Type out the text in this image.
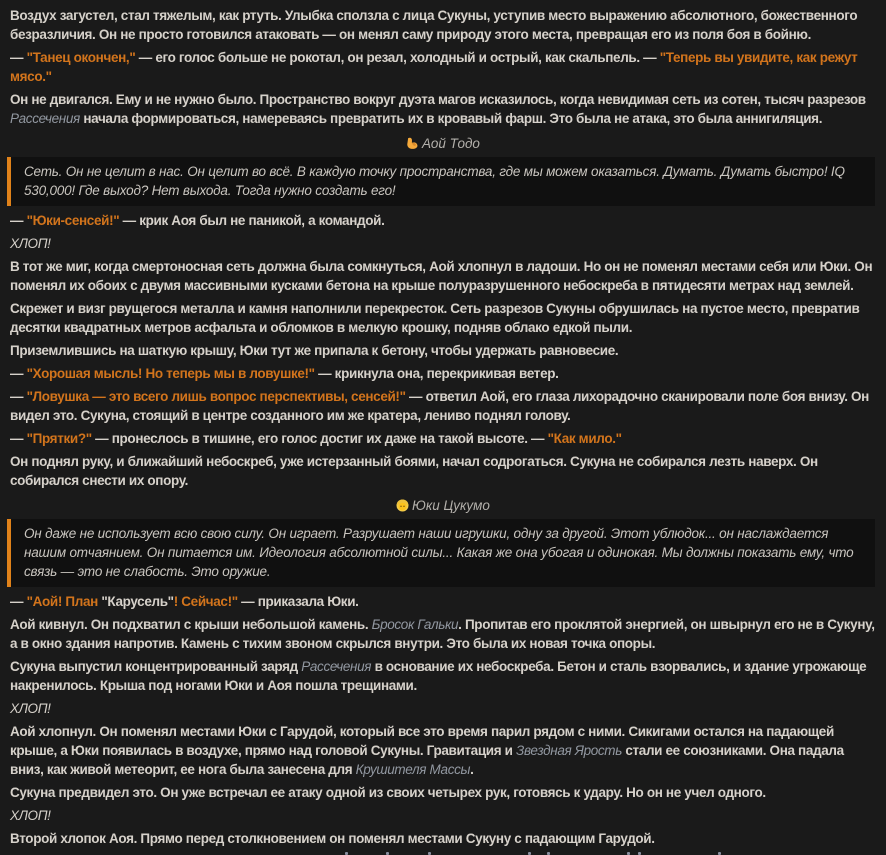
Воздух загустел, стал тяжелым, как ртуть. Улыбка сползла с лица Сукуны, уступив место выражению абсолютного, божественного безразличия. Он не просто готовился атаковать — он менял саму природу этого места, превращая его из поля боя в бойню.

— "Танец окончен," — его голос больше не рокотал, он резал, холодный и острый, как скальпель. — "Теперь вы увидите, как режут мясо."

Он не двигался. Ему и не нужно было. Пространство вокруг дуэта магов исказилось, когда невидимая сеть из сотен, тысяч разрезов Рассечения начала формироваться, намереваясь превратить их в кровавый фарш. Это была не атака, это была аннигиляция.

Аой Тодо
Сеть. Он не целит в нас. Он целит во всё. В каждую точку пространства, где мы можем оказаться. Думать. Думать быстро! IQ 530,000! Где выход? Нет выхода. Тогда нужно создать его!

— "Юки-сенсей!" — крик Аоя был не паникой, а командой.

ХЛОП!

В тот же миг, когда смертоносная сеть должна была сомкнуться, Аой хлопнул в ладоши. Но он не поменял местами себя или Юки. Он поменял их обоих с двумя массивными кусками бетона на крыше полуразрушенного небоскреба в пятидесяти метрах над землей.

Скрежет и визг рвущегося металла и камня наполнили перекресток. Сеть разрезов Сукуны обрушилась на пустое место, превратив десятки квадратных метров асфальта и обломков в мелкую крошку, подняв облако едкой пыли.

Приземлившись на шаткую крышу, Юки тут же припала к бетону, чтобы удержать равновесие.

— "Хорошая мысль! Но теперь мы в ловушке!" — крикнула она, перекрикивая ветер.

— "Ловушка — это всего лишь вопрос перспективы, сенсей!" — ответил Аой, его глаза лихорадочно сканировали поле боя внизу. Он видел это. Сукуна, стоящий в центре созданного им же кратера, лениво поднял голову.

— "Прятки?" — пронеслось в тишине, его голос достиг их даже на такой высоте. — "Как мило."

Он поднял руку, и ближайший небоскреб, уже истерзанный боями, начал содрогаться. Сукуна не собирался лезть наверх. Он собирался снести их опору.

Юки Цукумо
Он даже не использует всю свою силу. Он играет. Разрушает наши игрушки, одну за другой. Этот ублюдок... он наслаждается нашим отчаянием. Он питается им. Идеология абсолютной силы... Какая же она убогая и одинокая. Мы должны показать ему, что связь — это не слабость. Это оружие.

— "Аой! План "Карусель"! Сейчас!" — приказала Юки.

Аой кивнул. Он подхватил с крыши небольшой камень. Бросок Гальки. Пропитав его проклятой энергией, он швырнул его не в Сукуну, а в окно здания напротив. Камень с тихим звоном скрылся внутри. Это была их новая точка опоры.

Сукуна выпустил концентрированный заряд Рассечения в основание их небоскреба. Бетон и сталь взорвались, и здание угрожающе накренилось. Крыша под ногами Юки и Аоя пошла трещинами.

ХЛОП!

Аой хлопнул. Он поменял местами Юки с Гарудой, который все это время парил рядом с ними. Сикигами остался на падающей крыше, а Юки появилась в воздухе, прямо над головой Сукуны. Гравитация и Звездная Ярость стали ее союзниками. Она падала вниз, как живой метеорит, ее нога была занесена для Крушителя Массы.

Сукуна предвидел это. Он уже встречал ее атаку одной из своих четырех рук, готовясь к удару. Но он не учел одного.

ХЛОП!

Второй хлопок Аоя. Прямо перед столкновением он поменял местами Сукуну с падающим Гарудой.
